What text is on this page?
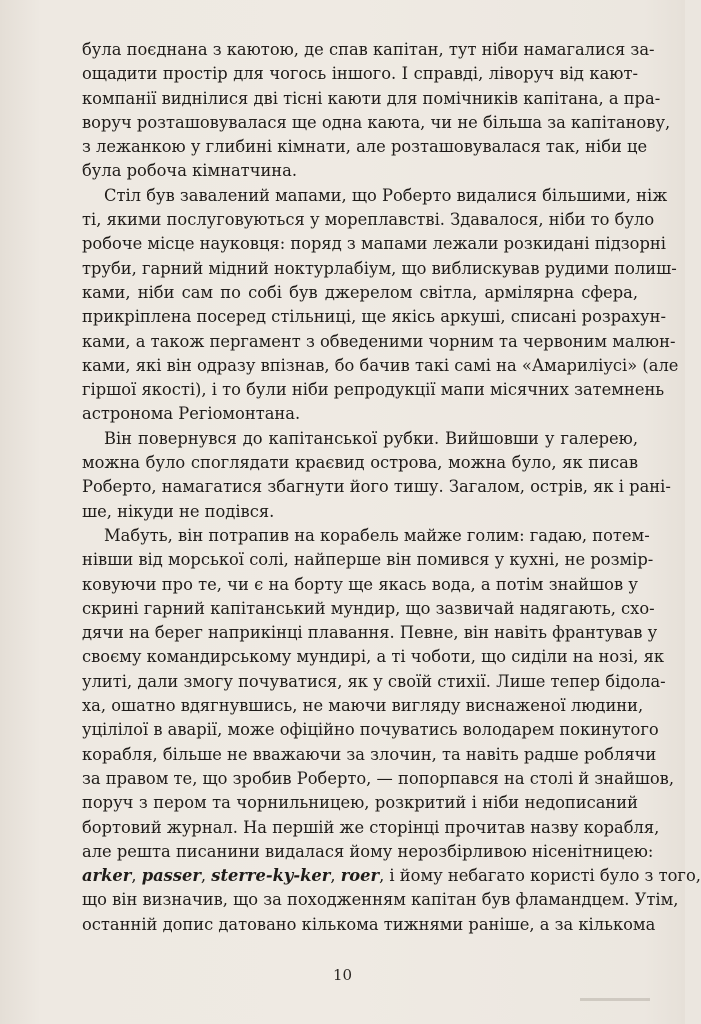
була поєднана з каютою, де спав капітан, тут ніби намагалися за-
ощадити простір для чогось іншого. І справді, ліворуч від кают-
компанії виднілися дві тісні каюти для помічників капітана, а пра-
воруч розташовувалася ще одна каюта, чи не більша за капітанову,
з лежанкою у глибині кімнати, але розташовувалася так, ніби це
була робоча кімнатчина.
Стіл був завалений мапами, що Роберто видалися більшими, ніж
ті, якими послуговуються у мореплавстві. Здавалося, ніби то було
робоче місце науковця: поряд з мапами лежали розкидані підзорні
труби, гарний мідний ноктурлабіум, що виблискував рудими полиш-
ками, ніби сам по собі був джерелом світла, армілярна сфера,
прикріплена посеред стільниці, ще якісь аркуші, списані розрахун-
ками, а також пергамент з обведеними чорним та червоним малюн-
ками, які він одразу впізнав, бо бачив такі самі на «Амариліусі» (але
гіршої якості), і то були ніби репродукції мапи місячних затемнень
астронома Регіомонтана.
Він повернувся до капітанської рубки. Вийшовши у галерею,
можна було споглядати краєвид острова, можна було, як писав
Роберто, намагатися збагнути його тишу. Загалом, острів, як і рані-
ше, нікуди не подівся.
Мабуть, він потрапив на корабель майже голим: гадаю, потем-
нівши від морської солі, найперше він помився у кухні, не розмір-
ковуючи про те, чи є на борту ще якась вода, а потім знайшов у
скрині гарний капітанський мундир, що зазвичай надягають, схо-
дячи на берег наприкінці плавання. Певне, він навіть франтував у
своєму командирському мундирі, а ті чоботи, що сиділи на нозі, як
улиті, дали змогу почуватися, як у своїй стихії. Лише тепер бідола-
ха, ошатно вдягнувшись, не маючи вигляду виснаженої людини,
уцілілої в аварії, може офіційно почуватись володарем покинутого
корабля, більше не вважаючи за злочин, та навіть радше роблячи
за правом те, що зробив Роберто, — попорпався на столі й знайшов,
поруч з пером та чорнильницею, розкритий і ніби недописаний
бортовий журнал. На першій же сторінці прочитав назву корабля,
але решта писанини видалася йому нерозбірливою нісенітницею:
arker, passer, sterre-ky-ker, roer, і йому небагато користі було з того,
що він визначив, що за походженням капітан був фламандцем. Утім,
останній допис датовано кількома тижнями раніше, а за кількома
10
